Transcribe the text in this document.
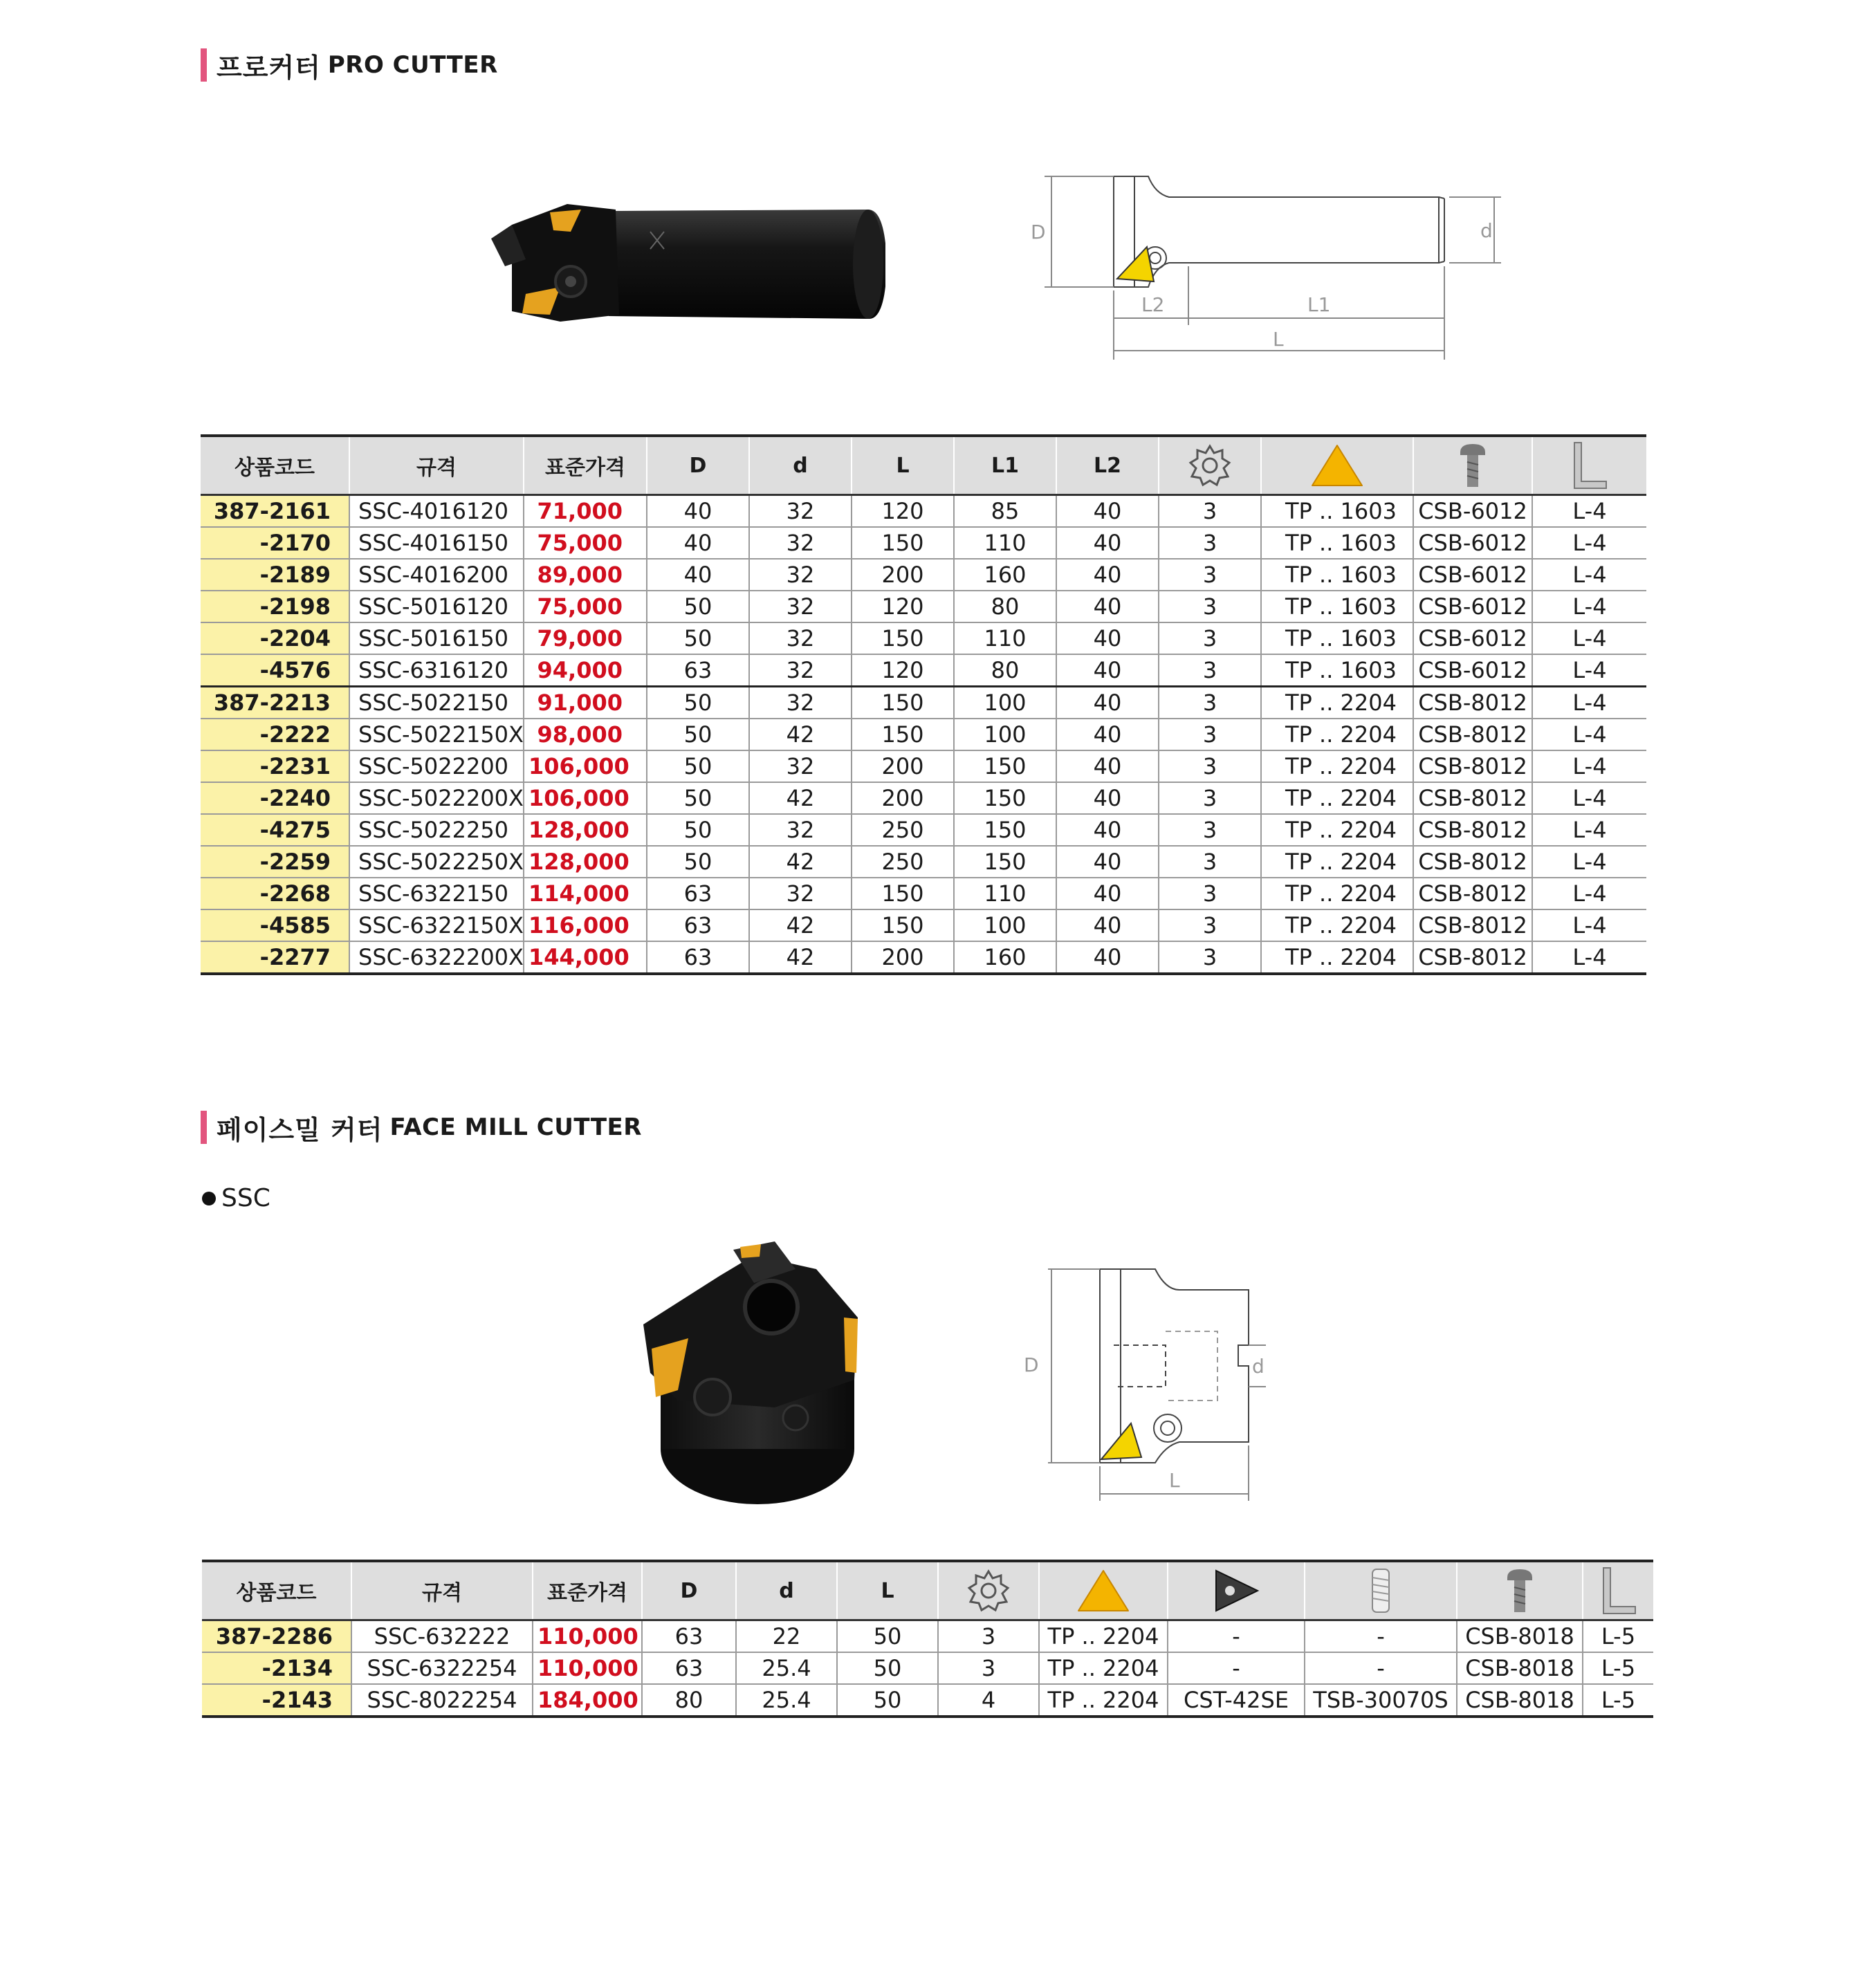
프로커터 PRO CUTTER
D	d
L2	L1
L
상품코드	규격	표준가격	D	d	L	L1	L2	

387-2161	SSC-4016120	71,000	40	32	120	85	40	3	TP .. 1603	CSB-6012	L-4
-2170	SSC-4016150	75,000	40	32	150	110	40	3	TP .. 1603	CSB-6012	L-4
-2189	SSC-4016200	89,000	40	32	200	160	40	3	TP .. 1603	CSB-6012	L-4
-2198	SSC-5016120	75,000	50	32	120	80	40	3	TP .. 1603	CSB-6012	L-4
-2204	SSC-5016150	79,000	50	32	150	110	40	3	TP .. 1603	CSB-6012	L-4
-4576	SSC-6316120	94,000	63	32	120	80	40	3	TP .. 1603	CSB-6012	L-4
387-2213	SSC-5022150	91,000	50	32	150	100	40	3	TP .. 2204	CSB-8012	L-4
-2222	SSC-5022150X	98,000	50	42	150	100	40	3	TP .. 2204	CSB-8012	L-4
-2231	SSC-5022200	106,000	50	32	200	150	40	3	TP .. 2204	CSB-8012	L-4
-2240	SSC-5022200X	106,000	50	42	200	150	40	3	TP .. 2204	CSB-8012	L-4
-4275	SSC-5022250	128,000	50	32	250	150	40	3	TP .. 2204	CSB-8012	L-4
-2259	SSC-5022250X	128,000	50	42	250	150	40	3	TP .. 2204	CSB-8012	L-4
-2268	SSC-6322150	114,000	63	32	150	110	40	3	TP .. 2204	CSB-8012	L-4
-4585	SSC-6322150X	116,000	63	42	150	100	40	3	TP .. 2204	CSB-8012	L-4
-2277	SSC-6322200X	144,000	63	42	200	160	40	3	TP .. 2204	CSB-8012	L-4
페이스밀 커터 FACE MILL CUTTER
SSC
D	d
L
상품코드	규격	표준가격	D	d	L	

387-2286	SSC-632222	110,000	63	22	50	3	TP .. 2204	-	-	CSB-8018	L-5
-2134	SSC-6322254	110,000	63	25.4	50	3	TP .. 2204	-	-	CSB-8018	L-5
-2143	SSC-8022254	184,000	80	25.4	50	4	TP .. 2204	CST-42SE	TSB-30070S	CSB-8018	L-5
